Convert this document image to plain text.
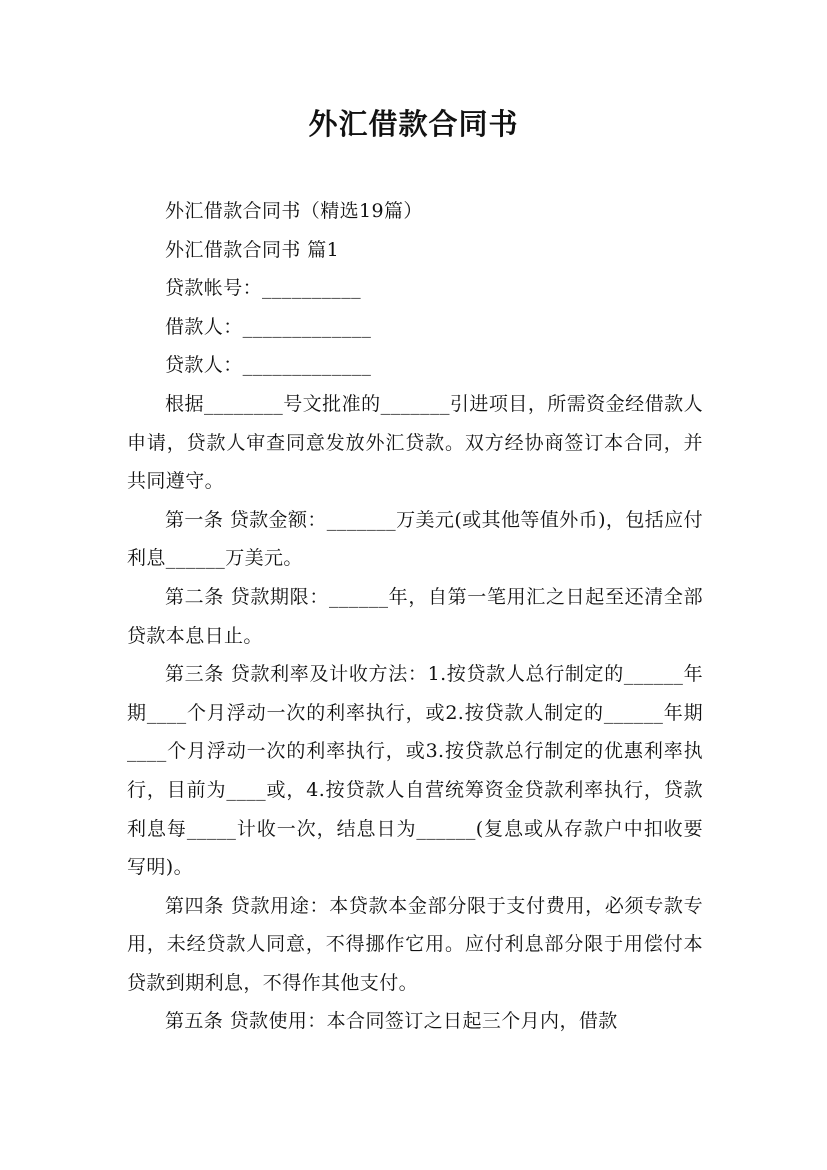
外汇借款合同书

外汇借款合同书（精选19篇）

外汇借款合同书 篇1

贷款帐号：__________

借款人：_____________

贷款人：_____________

根据________号文批准的_______引进项目，所需资金经借款人申请，贷款人审查同意发放外汇贷款。双方经协商签订本合同，并共同遵守。

第一条 贷款金额：_______万美元(或其他等值外币)，包括应付利息______万美元。

第二条 贷款期限：______年，自第一笔用汇之日起至还清全部贷款本息日止。

第三条 贷款利率及计收方法：1.按贷款人总行制定的______年期____个月浮动一次的利率执行，或2.按贷款人制定的______年期____个月浮动一次的利率执行，或3.按贷款总行制定的优惠利率执行，目前为____或，4.按贷款人自营统筹资金贷款利率执行，贷款利息每_____计收一次，结息日为______(复息或从存款户中扣收要写明)。

第四条 贷款用途：本贷款本金部分限于支付费用，必须专款专用，未经贷款人同意，不得挪作它用。应付利息部分限于用偿付本贷款到期利息，不得作其他支付。

第五条 贷款使用：本合同签订之日起三个月内，借款
